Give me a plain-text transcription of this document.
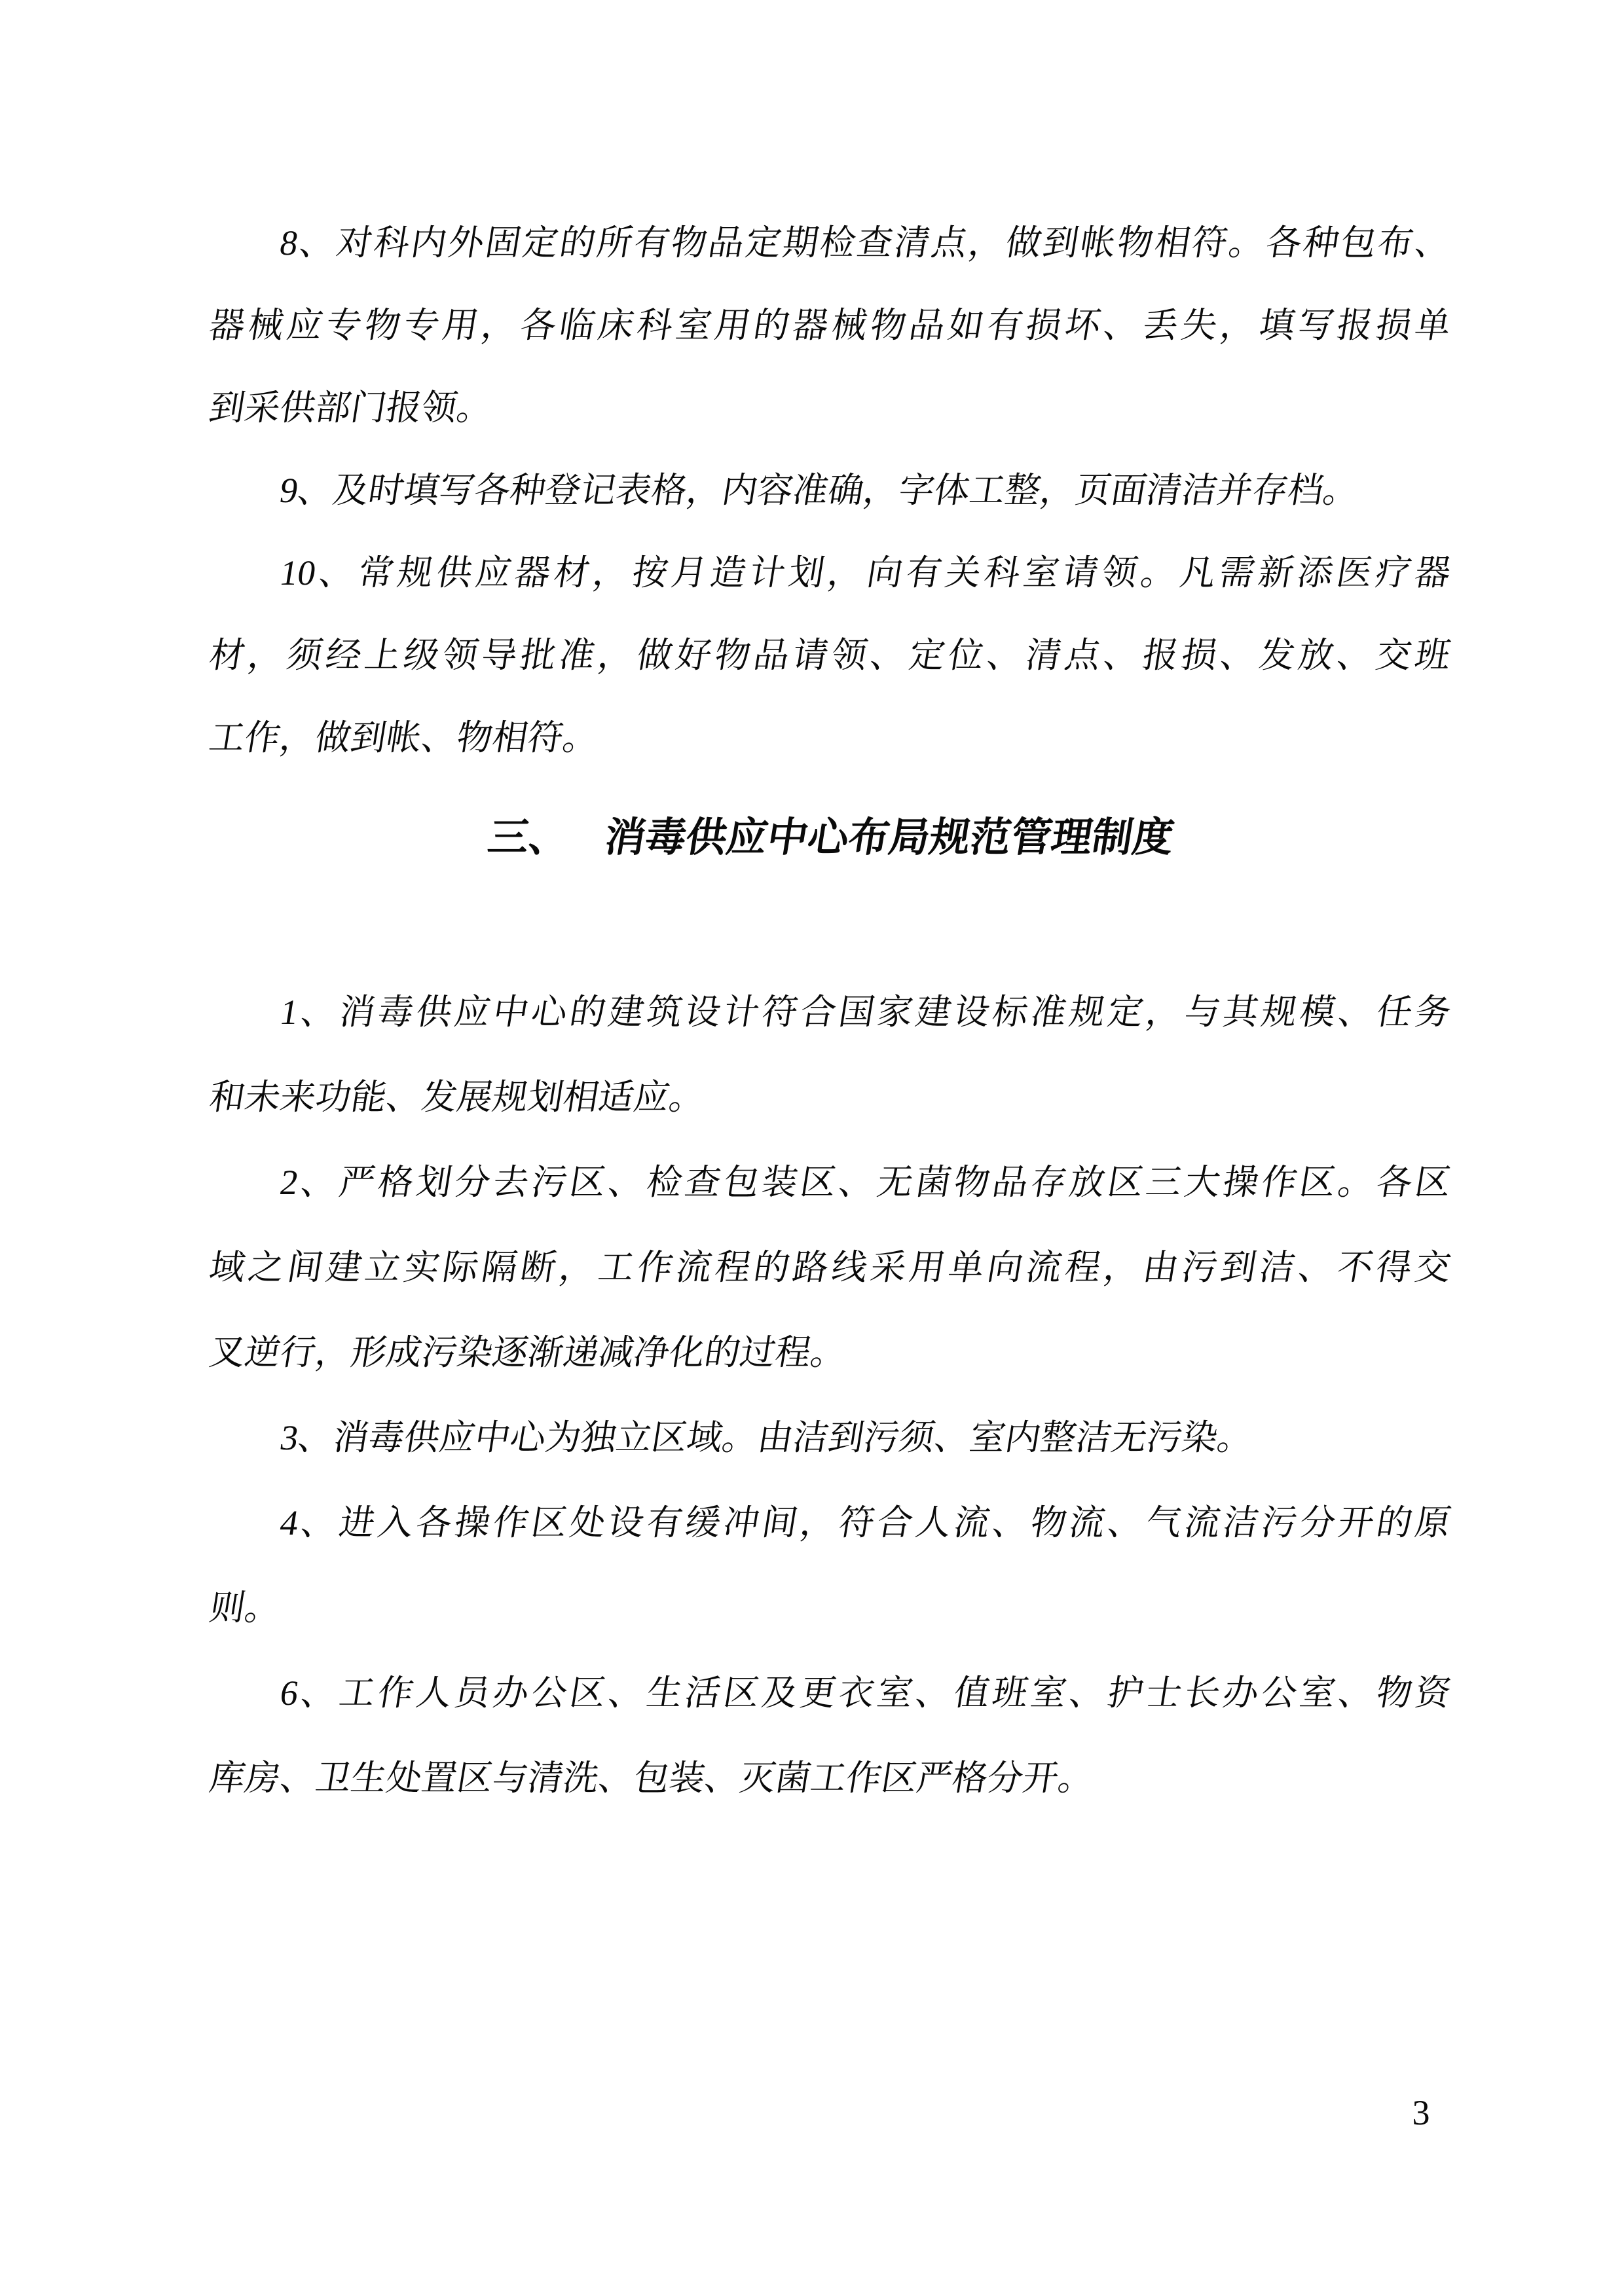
8、对科内外固定的所有物品定期检查清点，做到帐物相符。各种包布、
器械应专物专用，各临床科室用的器械物品如有损坏、丢失，填写报损单
到采供部门报领。
9、及时填写各种登记表格，内容准确，字体工整，页面清洁并存档。
10、常规供应器材，按月造计划，向有关科室请领。凡需新添医疗器
材，须经上级领导批准，做好物品请领、定位、清点、报损、发放、交班
工作，做到帐、物相符。
三、 消毒供应中心布局规范管理制度
1、消毒供应中心的建筑设计符合国家建设标准规定，与其规模、任务
和未来功能、发展规划相适应。
2、严格划分去污区、检查包装区、无菌物品存放区三大操作区。各区
域之间建立实际隔断，工作流程的路线采用单向流程，由污到洁、不得交
叉逆行，形成污染逐渐递减净化的过程。
3、消毒供应中心为独立区域。由洁到污须、室内整洁无污染。
4、进入各操作区处设有缓冲间，符合人流、物流、气流洁污分开的原
则。
6、工作人员办公区、生活区及更衣室、值班室、护士长办公室、物资
库房、卫生处置区与清洗、包装、灭菌工作区严格分开。
3
